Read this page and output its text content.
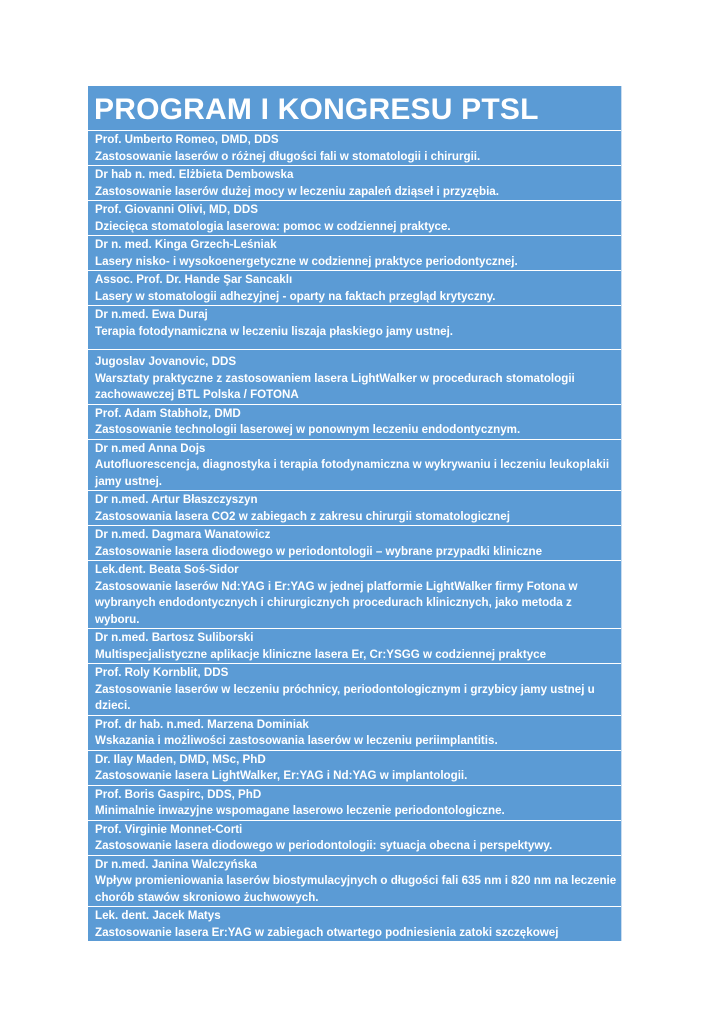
PROGRAM I KONGRESU PTSL
Prof. Umberto Romeo, DMD, DDS
Zastosowanie laserów o różnej długości fali w stomatologii i chirurgii.
Dr hab n. med. Elżbieta Dembowska
Zastosowanie laserów dużej mocy w leczeniu zapaleń dziąseł i przyzębia.
Prof. Giovanni Olivi, MD, DDS
Dziecięca stomatologia laserowa: pomoc w codziennej praktyce.
Dr n. med. Kinga Grzech-Leśniak
Lasery nisko- i wysokoenergetyczne w codziennej praktyce periodontycznej.
Assoc. Prof. Dr. Hande Şar Sancaklı
Lasery w stomatologii adhezyjnej - oparty na faktach przegląd krytyczny.
Dr n.med. Ewa Duraj
Terapia fotodynamiczna w leczeniu liszaja płaskiego jamy ustnej.
Jugoslav Jovanovic, DDS
Warsztaty praktyczne z zastosowaniem lasera LightWalker w procedurach stomatologii zachowawczej BTL Polska / FOTONA
Prof. Adam Stabholz, DMD
Zastosowanie technologii laserowej w ponownym leczeniu endodontycznym.
Dr n.med Anna Dojs
Autofluorescencja, diagnostyka i terapia fotodynamiczna w wykrywaniu i leczeniu leukoplakii jamy ustnej.
Dr n.med. Artur Błaszczyszyn
Zastosowania lasera CO2 w zabiegach z zakresu chirurgii stomatologicznej
Dr n.med. Dagmara Wanatowicz
Zastosowanie lasera diodowego w periodontologii – wybrane przypadki kliniczne
Lek.dent. Beata Soś-Sidor
Zastosowanie laserów Nd:YAG i Er:YAG w jednej platformie LightWalker firmy Fotona w wybranych endodontycznych i chirurgicznych procedurach klinicznych, jako metoda z wyboru.
Dr n.med. Bartosz Suliborski
Multispecjalistyczne aplikacje kliniczne lasera Er, Cr:YSGG w codziennej praktyce
Prof. Roly Kornblit, DDS
Zastosowanie laserów w leczeniu próchnicy, periodontologicznym i grzybicy jamy ustnej u dzieci.
Prof. dr hab. n.med. Marzena Dominiak
Wskazania i możliwości zastosowania laserów w leczeniu periimplantitis.
Dr. Ilay Maden, DMD, MSc, PhD
Zastosowanie lasera LightWalker, Er:YAG i Nd:YAG w implantologii.
Prof. Boris Gaspirc, DDS, PhD
Minimalnie inwazyjne wspomagane laserowo leczenie periodontologiczne.
Prof. Virginie Monnet-Corti
Zastosowanie lasera diodowego w periodontologii: sytuacja obecna i perspektywy.
Dr n.med. Janina Walczyńska
Wpływ promieniowania laserów biostymulacyjnych o długości fali 635 nm i 820 nm na leczenie chorób stawów skroniowo żuchwowych.
Lek. dent. Jacek Matys
Zastosowanie lasera Er:YAG w zabiegach otwartego podniesienia zatoki szczękowej
